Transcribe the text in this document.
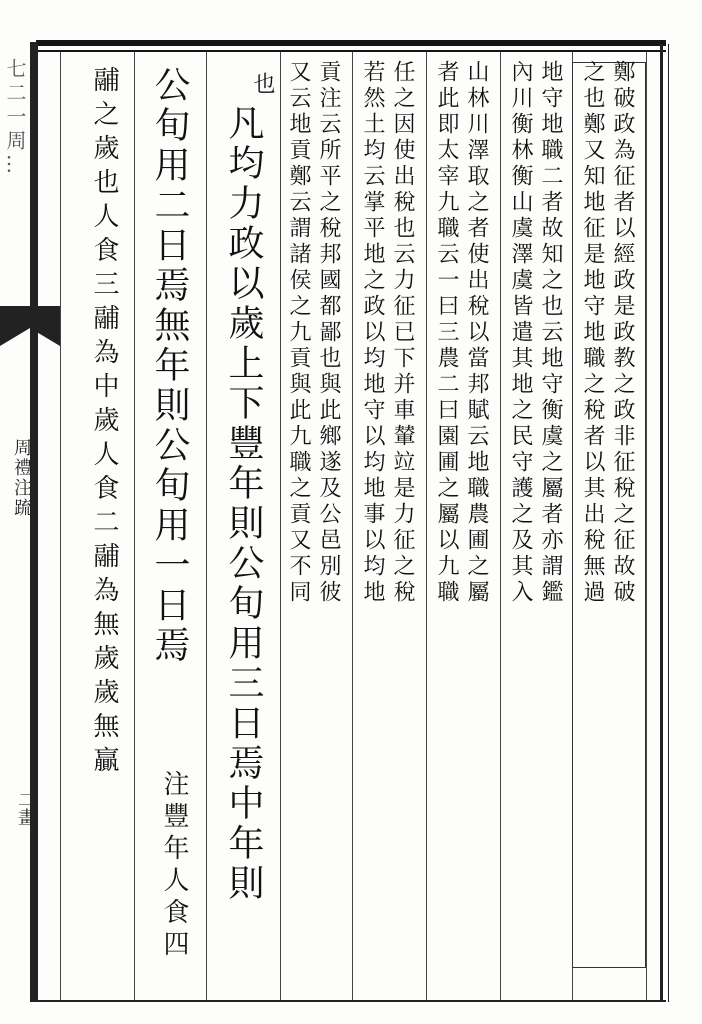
七二一周…	鄭破政為征者以經政是政教之政非征稅之征故破
之也鄭又知地征是地守地職之稅者以其出稅無過
地守地職二者故知之也云地守衡虞之屬者亦謂鑑
內川衡林衡山虞澤虞皆遣其地之民守護之及其入
山林川澤取之者使出稅以當邦賦云地職農圃之屬
者此即太宰九職云一曰三農二曰園圃之屬以九職
任之因使出稅也云力征已下并車輦竝是力征之稅
若然土均云掌平地之政以均地守以均地事以均地
貢注云所平之稅邦國都鄙也與此鄉遂及公邑別彼
又云地貢鄭云謂諸侯之九貢與此九職之貢又不同
也
凡均力政以歲上下豐年則公旬用三日焉中年則
公旬用二日焉無年則公旬用一日焉
注豐年人食四
鬴之歲也人食三鬴為中歲人食二鬴為無歲歲無贏
周禮注䟽
二畫
